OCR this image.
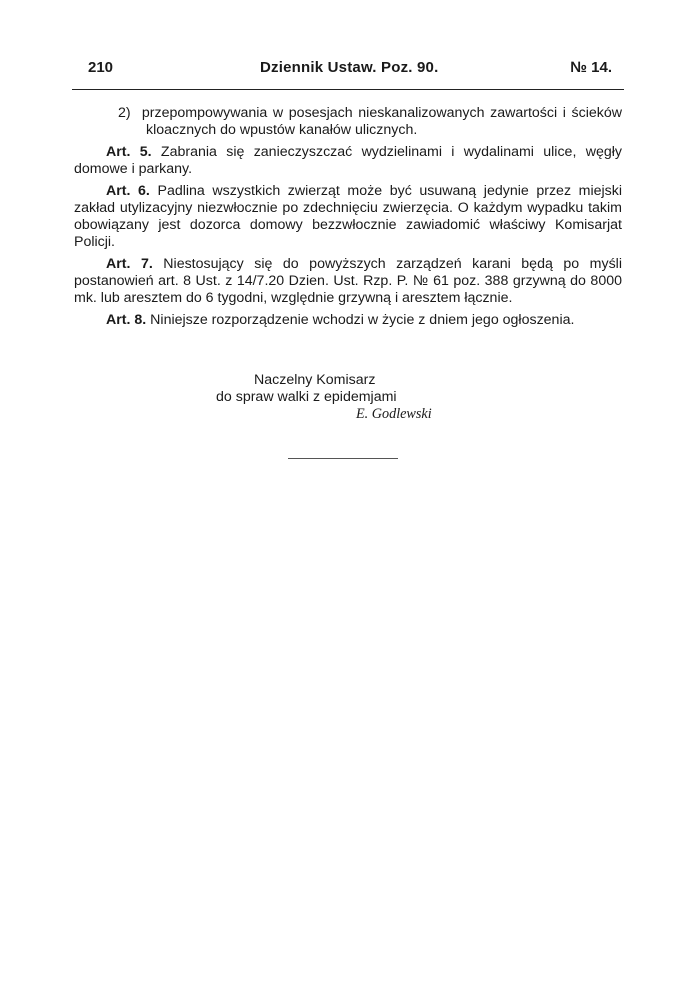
210	Dziennik Ustaw. Poz. 90.	№ 14.

2) przepompowywania w posesjach nieskanalizowanych zawartości i ścieków kloacznych do wpustów kanałów ulicznych.

Art. 5. Zabrania się zanieczyszczać wydzielinami i wydalinami ulice, węgły domowe i parkany.

Art. 6. Padlina wszystkich zwierząt może być usuwaną jedynie przez miejski zakład utylizacyjny niezwłocznie po zdechnięciu zwierzęcia. O każdym wypadku takim obowiązany jest dozorca domowy bezzwłocznie zawiadomić właściwy Komisarjat Policji.

Art. 7. Niestosujący się do powyższych zarządzeń karani będą po myśli postanowień art. 8 Ust. z 14/7.20 Dzien. Ust. Rzp. P. № 61 poz. 388 grzywną do 8000 mk. lub aresztem do 6 tygodni, względnie grzywną i aresztem łącznie.

Art. 8. Niniejsze rozporządzenie wchodzi w życie z dniem jego ogłoszenia.

Naczelny Komisarz
do spraw walki z epidemjami
E. Godlewski
